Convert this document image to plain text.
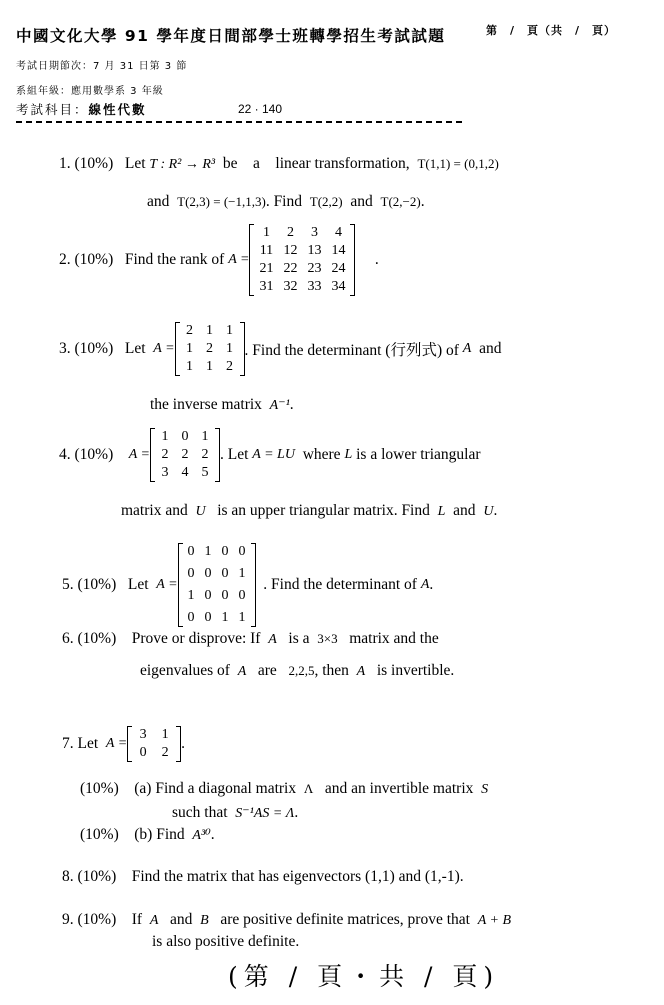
中國文化大學 91 學年度日間部學士班轉學招生考試試題	第　/　頁（共　/　頁）
考試日期節次：7 月 31 日第 3 節
系組年級：應用數學系 3 年級
考試科目：線性代數	22 · 140
1. (10%) Let T : R² → R³ be a linear transformation, T(1,1) = (0,1,2)
and T(2,3) = (−1,1,3). Find T(2,2) and T(2,−2).
2.
(10%)
Find the rank of
A =
1	2	3	4
11 12 13 14
21 22 23 24
31 32 33 34

.
3.
(10%)
Let
A =
2 1 1
1 2 1
1 1 2
. Find the determinant (行列式) of
A
and
the inverse matrix A⁻¹.
4.
(10%)
A =
1 0 1
2 2 2
3 4 5
. Let
A = LU
where
L
is a lower triangular
matrix and U is an upper triangular matrix. Find L and U.
5.
(10%)
Let
A =
0 1 0 0
0 0 0 1
1 0 0 0
0 0 1 1

. Find the determinant of
A .
6. (10%) Prove or disprove: If A is a 3×3 matrix and the
eigenvalues of A are 2,2,5, then A is invertible.
7.
Let
A =
3	1
0	2
.
(10%) (a) Find a diagonal matrix Λ and an invertible matrix S
such that S⁻¹AS = Λ.
(10%) (b) Find A³⁰.
8. (10%) Find the matrix that has eigenvectors (1,1) and (1,-1).
9. (10%) If A and B are positive definite matrices, prove that A + B
is also positive definite.
(第 / 頁・共 / 頁)
